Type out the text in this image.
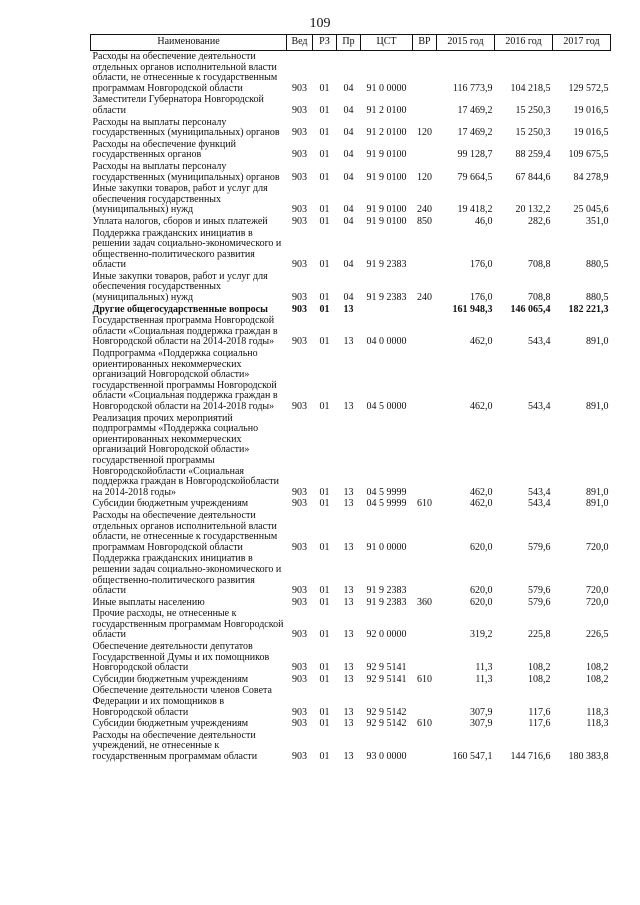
109
Наименование	Вед	РЗ	Пр	ЦСТ	ВР	2015 год	2016 год	2017 год
Расходы на обеспечение деятельности отдельных органов исполнительной власти области, не отнесенные к государственным программам Новгородской области	903	01	04	91 0 0000		116 773,9	104 218,5	129 572,5
Заместители Губернатора Новгородской области	903	01	04	91 2 0100		17 469,2	15 250,3	19 016,5
Расходы на выплаты персоналу государственных (муниципальных) органов	903	01	04	91 2 0100	120	17 469,2	15 250,3	19 016,5
Расходы на обеспечение функций государственных органов	903	01	04	91 9 0100		99 128,7	88 259,4	109 675,5
Расходы на выплаты персоналу государственных (муниципальных) органов	903	01	04	91 9 0100	120	79 664,5	67 844,6	84 278,9
Иные закупки товаров, работ и услуг для обеспечения государственных (муниципальных) нужд	903	01	04	91 9 0100	240	19 418,2	20 132,2	25 045,6
Уплата налогов, сборов и иных платежей	903	01	04	91 9 0100	850	46,0	282,6	351,0
Поддержка гражданских инициатив в решении задач социально-экономического и общественно-политического развития области	903	01	04	91 9 2383		176,0	708,8	880,5
Иные закупки товаров, работ и услуг для обеспечения государственных (муниципальных) нужд	903	01	04	91 9 2383	240	176,0	708,8	880,5
Другие общегосударственные вопросы	903	01	13			161 948,3	146 065,4	182 221,3
Государственная программа Новгородской области «Социальная поддержка граждан в Новгородской области на 2014-2018 годы»	903	01	13	04 0 0000		462,0	543,4	891,0
Подпрограмма «Поддержка социально ориентированных некоммерческих организаций Новгородской области» государственной программы Новгородской области «Социальная поддержка граждан в Новгородской области на 2014-2018 годы»	903	01	13	04 5 0000		462,0	543,4	891,0
Реализация прочих мероприятий подпрограммы «Поддержка социально ориентированных некоммерческих организаций Новгородской области» государственной программы Новгородскойобласти «Социальная поддержка граждан в Новгородскойобласти на 2014-2018 годы»	903	01	13	04 5 9999		462,0	543,4	891,0
Субсидии бюджетным учреждениям	903	01	13	04 5 9999	610	462,0	543,4	891,0
Расходы на обеспечение деятельности отдельных органов исполнительной власти области, не отнесенные к государственным программам Новгородской области	903	01	13	91 0 0000		620,0	579,6	720,0
Поддержка гражданских инициатив в решении задач социально-экономического и общественно-политического развития области	903	01	13	91 9 2383		620,0	579,6	720,0
Иные выплаты населению	903	01	13	91 9 2383	360	620,0	579,6	720,0
Прочие расходы, не отнесенные к государственным программам Новгородской области	903	01	13	92 0 0000		319,2	225,8	226,5
Обеспечение деятельности депутатов Государственной Думы и их помощников Новгородской области	903	01	13	92 9 5141		11,3	108,2	108,2
Субсидии бюджетным учреждениям	903	01	13	92 9 5141	610	11,3	108,2	108,2
Обеспечение деятельности членов Совета Федерации и их помощников в Новгородской области	903	01	13	92 9 5142		307,9	117,6	118,3
Субсидии бюджетным учреждениям	903	01	13	92 9 5142	610	307,9	117,6	118,3
Расходы на обеспечение деятельности учреждений, не отнесенные к государственным программам области	903	01	13	93 0 0000		160 547,1	144 716,6	180 383,8
